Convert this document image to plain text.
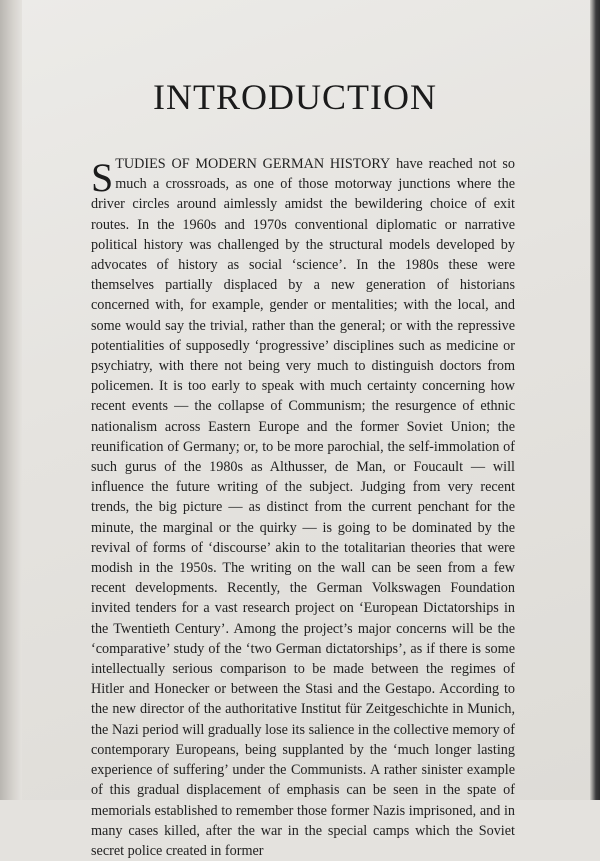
INTRODUCTION

STUDIES OF MODERN GERMAN HISTORY have reached not so much a crossroads, as one of those motorway junctions where the driver circles around aimlessly amidst the bewildering choice of exit routes. In the 1960s and 1970s conventional diplomatic or narrative political history was challenged by the structural models developed by advocates of history as social ‘science’. In the 1980s these were themselves partially displaced by a new generation of historians concerned with, for example, gender or mentalities; with the local, and some would say the trivial, rather than the general; or with the repressive potentialities of supposedly ‘progressive’ disciplines such as medicine or psychiatry, with there not being very much to distinguish doctors from policemen. It is too early to speak with much certainty concerning how recent events — the collapse of Communism; the resurgence of ethnic nationalism across Eastern Europe and the former Soviet Union; the reunification of Germany; or, to be more parochial, the self-immolation of such gurus of the 1980s as Althusser, de Man, or Foucault — will influence the future writing of the subject. Judging from very recent trends, the big picture — as distinct from the current penchant for the minute, the marginal or the quirky — is going to be dominated by the revival of forms of ‘discourse’ akin to the totalitarian theories that were modish in the 1950s. The writing on the wall can be seen from a few recent developments. Recently, the German Volkswagen Foundation invited tenders for a vast research project on ‘European Dictatorships in the Twentieth Century’. Among the project’s major concerns will be the ‘comparative’ study of the ‘two German dictatorships’, as if there is some intellectually serious comparison to be made between the regimes of Hitler and Honecker or between the Stasi and the Gestapo. According to the new director of the authoritative Institut für Zeitgeschichte in Munich, the Nazi period will gradually lose its salience in the collective memory of contemporary Europeans, being supplanted by the ‘much longer lasting experience of suffering’ under the Communists. A rather sinister example of this gradual displacement of emphasis can be seen in the spate of memorials established to remember those former Nazis imprisoned, and in many cases killed, after the war in the special camps which the Soviet secret police created in former
